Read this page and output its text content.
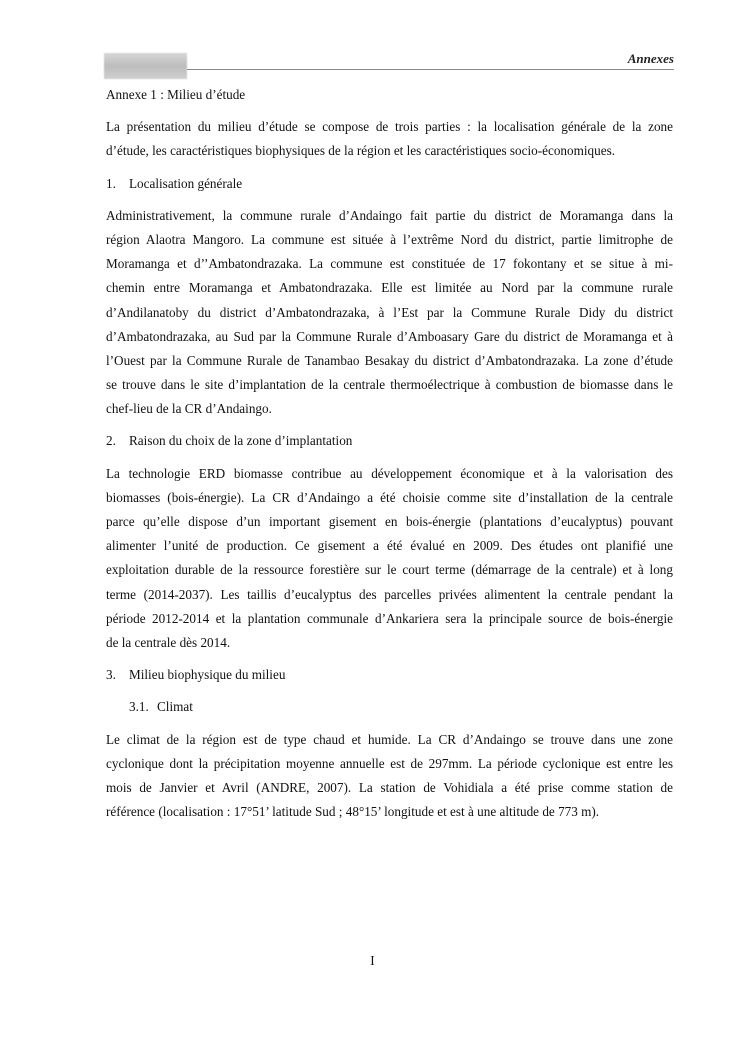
Annexes
Annexe 1 : Milieu d’étude
La présentation du milieu d’étude se compose de trois parties : la localisation générale de la zone
d’étude, les caractéristiques biophysiques de la région et les caractéristiques socio-économiques.
1. Localisation générale
Administrativement, la commune rurale d’Andaingo fait partie du district de Moramanga dans la
région Alaotra Mangoro. La commune est située à l’extrême Nord du district, partie limitrophe de
Moramanga et d’’Ambatondrazaka. La commune est constituée de 17 fokontany et se situe à mi-
chemin entre Moramanga et Ambatondrazaka. Elle est limitée au Nord par la commune rurale
d’Andilanatoby du district d’Ambatondrazaka, à l’Est par la Commune Rurale Didy du district
d’Ambatondrazaka, au Sud par la Commune Rurale d’Amboasary Gare du district de Moramanga et à
l’Ouest par la Commune Rurale de Tanambao Besakay du district d’Ambatondrazaka. La zone d’étude
se trouve dans le site d’implantation de la centrale thermoélectrique à combustion de biomasse dans le
chef-lieu de la CR d’Andaingo.
2. Raison du choix de la zone d’implantation
La technologie ERD biomasse contribue au développement économique et à la valorisation des
biomasses (bois-énergie). La CR d’Andaingo a été choisie comme site d’installation de la centrale
parce qu’elle dispose d’un important gisement en bois-énergie (plantations d’eucalyptus) pouvant
alimenter l’unité de production. Ce gisement a été évalué en 2009. Des études ont planifié une
exploitation durable de la ressource forestière sur le court terme (démarrage de la centrale) et à long
terme (2014-2037). Les taillis d’eucalyptus des parcelles privées alimentent la centrale pendant la
période 2012-2014 et la plantation communale d’Ankariera sera la principale source de bois-énergie
de la centrale dès 2014.
3. Milieu biophysique du milieu
3.1. Climat
Le climat de la région est de type chaud et humide. La CR d’Andaingo se trouve dans une zone
cyclonique dont la précipitation moyenne annuelle est de 297mm. La période cyclonique est entre les
mois de Janvier et Avril (ANDRE, 2007). La station de Vohidiala a été prise comme station de
référence (localisation : 17°51’ latitude Sud ; 48°15’ longitude et est à une altitude de 773 m).
I
